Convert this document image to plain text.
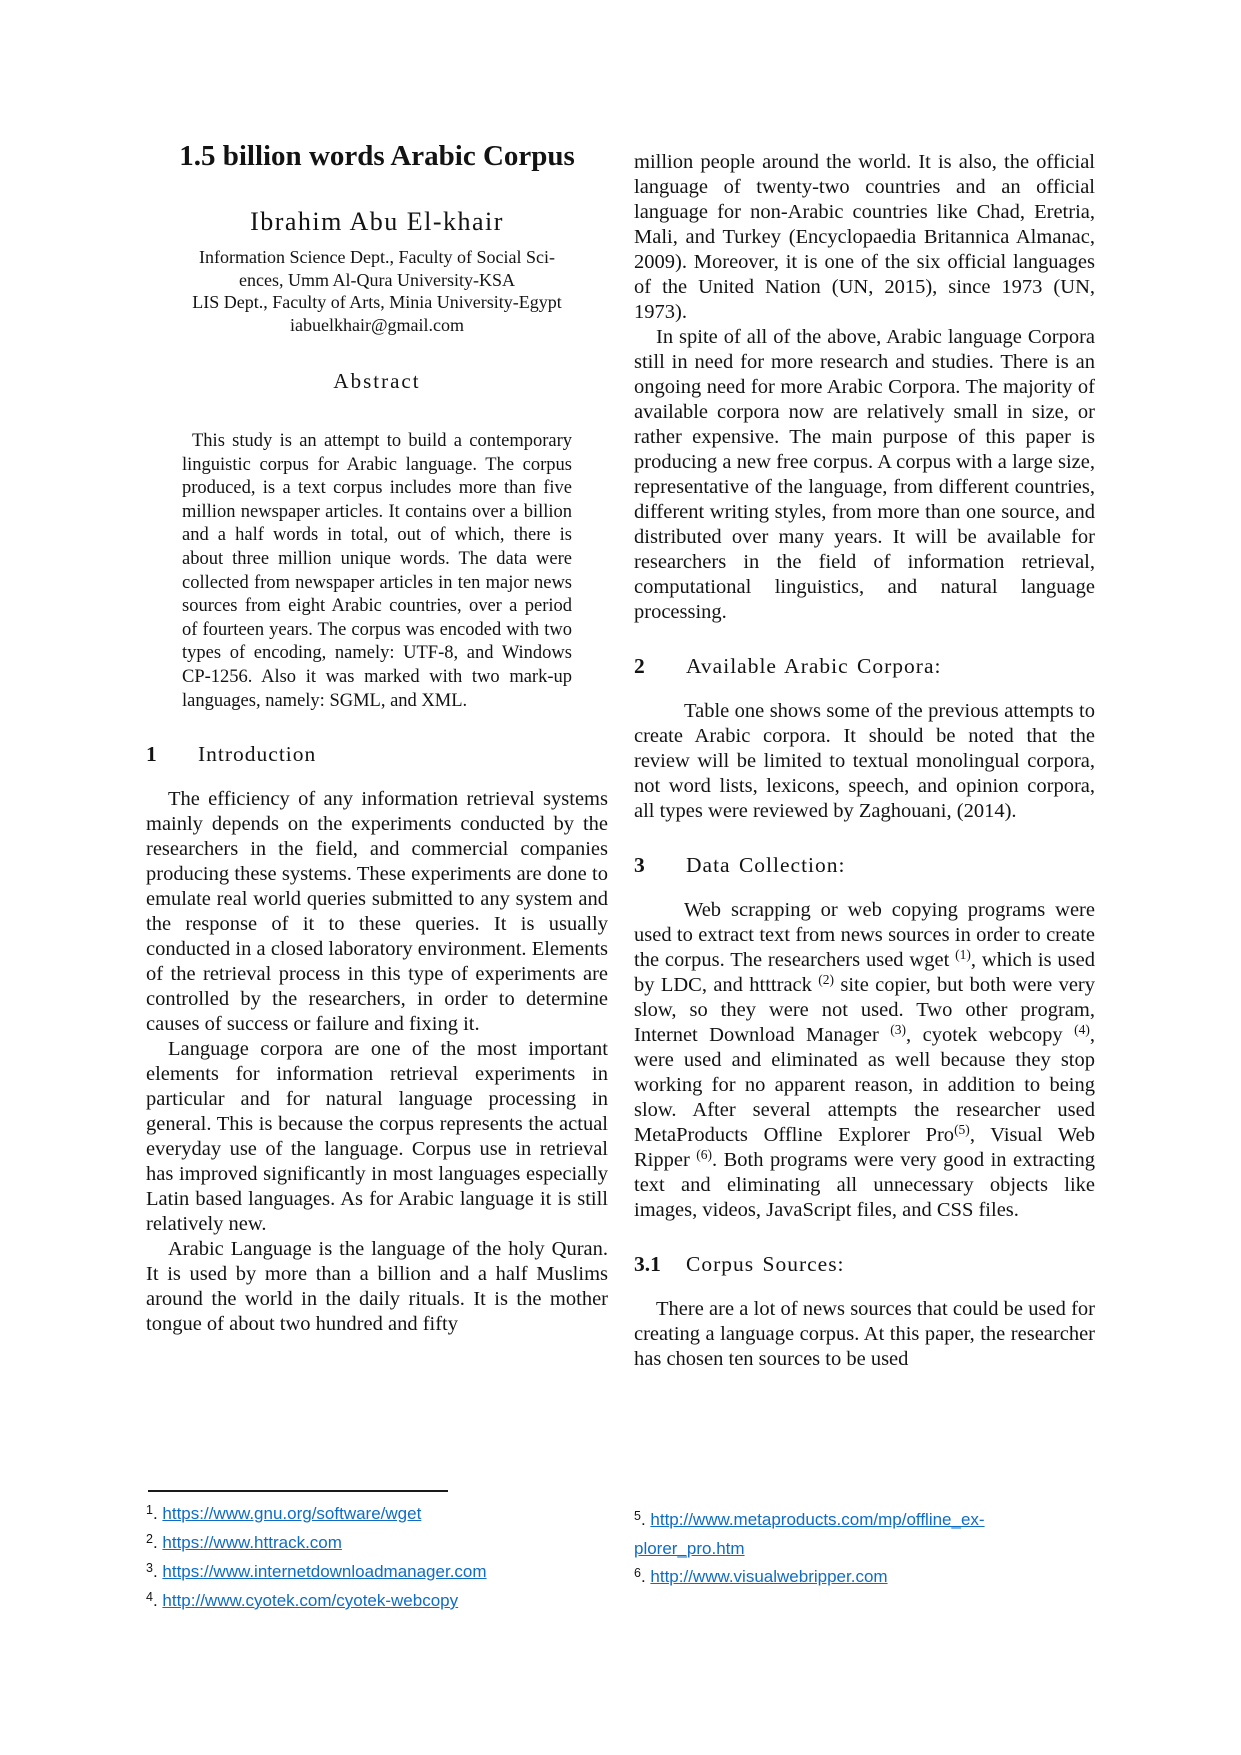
1.5 billion words Arabic Corpus
Ibrahim Abu El-khair
Information Science Dept., Faculty of Social Sci-
ences, Umm Al-Qura University-KSA
LIS Dept., Faculty of Arts, Minia University-Egypt
iabuelkhair@gmail.com
Abstract

This study is an attempt to build a contemporary linguistic corpus for Arabic language. The corpus produced, is a text corpus includes more than five million newspaper articles. It contains over a billion and a half words in total, out of which, there is about three million unique words. The data were collected from newspaper articles in ten major news sources from eight Arabic countries, over a period of fourteen years. The corpus was encoded with two types of encoding, namely: UTF-8, and Windows CP-1256. Also it was marked with two mark-up languages, namely: SGML, and XML.

1 Introduction

The efficiency of any information retrieval systems mainly depends on the experiments conducted by the researchers in the field, and commercial companies producing these systems. These experiments are done to emulate real world queries submitted to any system and the response of it to these queries. It is usually conducted in a closed laboratory environment. Elements of the retrieval process in this type of experiments are controlled by the researchers, in order to determine causes of success or failure and fixing it.

Language corpora are one of the most important elements for information retrieval experiments in particular and for natural language processing in general. This is because the corpus represents the actual everyday use of the language. Corpus use in retrieval has improved significantly in most languages especially Latin based languages. As for Arabic language it is still relatively new.

Arabic Language is the language of the holy Quran. It is used by more than a billion and a half Muslims around the world in the daily rituals. It is the mother tongue of about two hundred and fifty

million people around the world. It is also, the official language of twenty-two countries and an official language for non-Arabic countries like Chad, Eretria, Mali, and Turkey (Encyclopaedia Britannica Almanac, 2009). Moreover, it is one of the six official languages of the United Nation (UN, 2015), since 1973 (UN, 1973).

In spite of all of the above, Arabic language Corpora still in need for more research and studies. There is an ongoing need for more Arabic Corpora. The majority of available corpora now are relatively small in size, or rather expensive. The main purpose of this paper is producing a new free corpus. A corpus with a large size, representative of the language, from different countries, different writing styles, from more than one source, and distributed over many years. It will be available for researchers in the field of information retrieval, computational linguistics, and natural language processing.

2 Available Arabic Corpora:

Table one shows some of the previous attempts to create Arabic corpora. It should be noted that the review will be limited to textual monolingual corpora, not word lists, lexicons, speech, and opinion corpora, all types were reviewed by Zaghouani, (2014).

3 Data Collection:

Web scrapping or web copying programs were used to extract text from news sources in order to create the corpus. The researchers used wget $^{(1)}$, which is used by LDC, and htttrack $^{(2)}$ site copier, but both were very slow, so they were not used. Two other program, Internet Download Manager $^{(3)}$, cyotek webcopy $^{(4)}$, were used and eliminated as well because they stop working for no apparent reason, in addition to being slow. After several attempts the researcher used MetaProducts Offline Explorer Pro$^{(5)}$, Visual Web Ripper $^{(6)}$. Both programs were very good in extracting text and eliminating all unnecessary objects like images, videos, JavaScript files, and CSS files.

3.1 Corpus Sources:

There are a lot of news sources that could be used for creating a language corpus. At this paper, the researcher has chosen ten sources to be used

$^1$. https://www.gnu.org/software/wget
$^2$. https://www.httrack.com
$^3$. https://www.internetdownloadmanager.com
$^4$. http://www.cyotek.com/cyotek-webcopy
$^5$. http://www.metaproducts.com/mp/offline_ex-
plorer_pro.htm
$^6$. http://www.visualwebripper.com
